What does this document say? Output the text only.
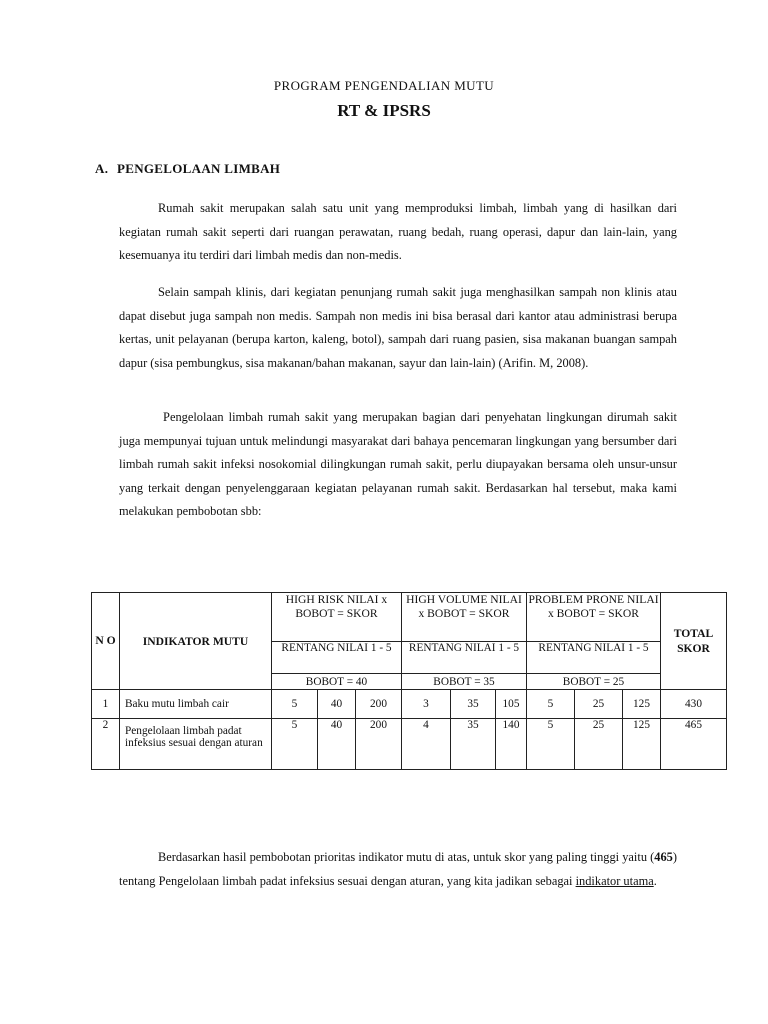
PROGRAM PENGENDALIAN MUTU
RT & IPSRS
A. PENGELOLAAN LIMBAH

Rumah sakit merupakan salah satu unit yang memproduksi limbah, limbah yang di hasilkan dari kegiatan rumah sakit seperti dari ruangan perawatan, ruang bedah, ruang operasi, dapur dan lain-lain, yang kesemuanya itu terdiri dari limbah medis dan non-medis.

Selain sampah klinis, dari kegiatan penunjang rumah sakit juga menghasilkan sampah non klinis atau dapat disebut juga sampah non medis. Sampah non medis ini bisa berasal dari kantor atau administrasi berupa kertas, unit pelayanan (berupa karton, kaleng, botol), sampah dari ruang pasien, sisa makanan buangan sampah dapur (sisa pembungkus, sisa makanan/bahan makanan, sayur dan lain-lain) (Arifin. M, 2008).

Pengelolaan limbah rumah sakit yang merupakan bagian dari penyehatan lingkungan dirumah sakit juga mempunyai tujuan untuk melindungi masyarakat dari bahaya pencemaran lingkungan yang bersumber dari limbah rumah sakit infeksi nosokomial dilingkungan rumah sakit, perlu diupayakan bersama oleh unsur-unsur yang terkait dengan penyelenggaraan kegiatan pelayanan rumah sakit. Berdasarkan hal tersebut, maka kami melakukan pembobotan sbb:

N O	INDIKATOR MUTU	HIGH RISK NILAI x BOBOT = SKOR			HIGH VOLUME NILAI x BOBOT = SKOR			PROBLEM PRONE NILAI x BOBOT = SKOR			TOTAL SKOR
		RENTANG NILAI 1 - 5			RENTANG NILAI 1 - 5			RENTANG NILAI 1 - 5			
		BOBOT = 40			BOBOT = 35			BOBOT = 25			
1	Baku mutu limbah cair	5	40	200	3	35	105	5	25	125	430
2	Pengelolaan limbah padat infeksius sesuai dengan aturan	5	40	200	4	35	140	5	25	125	465

Berdasarkan hasil pembobotan prioritas indikator mutu di atas, untuk skor yang paling tinggi yaitu (465) tentang Pengelolaan limbah padat infeksius sesuai dengan aturan, yang kita jadikan sebagai indikator utama.
